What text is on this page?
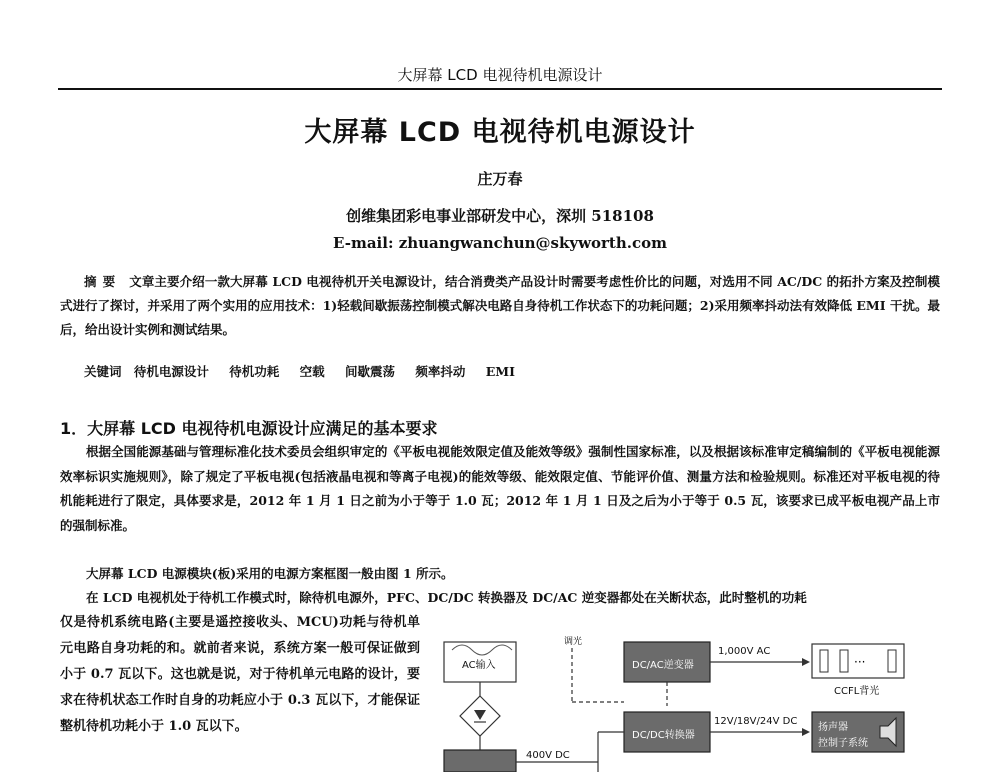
大屏幕 LCD 电视待机电源设计
大屏幕 LCD 电视待机电源设计
庄万春
创维集团彩电事业部研发中心，深圳 518108
E-mail: zhuangwanchun@skyworth.com
摘要 文章主要介绍一款大屏幕 LCD 电视待机开关电源设计，结合消费类产品设计时需要考虑性价比的问题，对选用不同 AC/DC 的拓扑方案及控制模式进行了探讨，并采用了两个实用的应用技术：1)轻载间歇振荡控制模式解决电路自身待机工作状态下的功耗问题；2)采用频率抖动法有效降低 EMI 干扰。最后，给出设计实例和测试结果。
关键词 待机电源设计 待机功耗 空载 间歇震荡 频率抖动 EMI
1．大屏幕 LCD 电视待机电源设计应满足的基本要求
根据全国能源基础与管理标准化技术委员会组织审定的《平板电视能效限定值及能效等级》强制性国家标准，以及根据该标准审定稿编制的《平板电视能源效率标识实施规则》，除了规定了平板电视(包括液晶电视和等离子电视)的能效等级、能效限定值、节能评价值、测量方法和检验规则。标准还对平板电视的待机能耗进行了限定，具体要求是，2012 年 1 月 1 日之前为小于等于 1.0 瓦；2012 年 1 月 1 日及之后为小于等于 0.5 瓦，该要求已成平板电视产品上市的强制标准。
大屏幕 LCD 电源模块(板)采用的电源方案框图一般由图 1 所示。
在 LCD 电视机处于待机工作模式时，除待机电源外，PFC、DC/DC 转换器及 DC/AC 逆变器都处在关断状态，此时整机的功耗
仅是待机系统电路(主要是遥控接收头、MCU)功耗与待机单元电路自身功耗的和。就前者来说，系统方案一般可保证做到小于 0.7 瓦以下。这也就是说，对于待机单元电路的设计，要求在待机状态工作时自身的功耗应小于 0.3 瓦以下，才能保证整机待机功耗小于 1.0 瓦以下。
···
AC输入
调光
DC/AC逆变器
1,000V AC
CCFL背光
DC/DC转换器
12V/18V/24V DC
扬声器
控制子系统
400V DC
